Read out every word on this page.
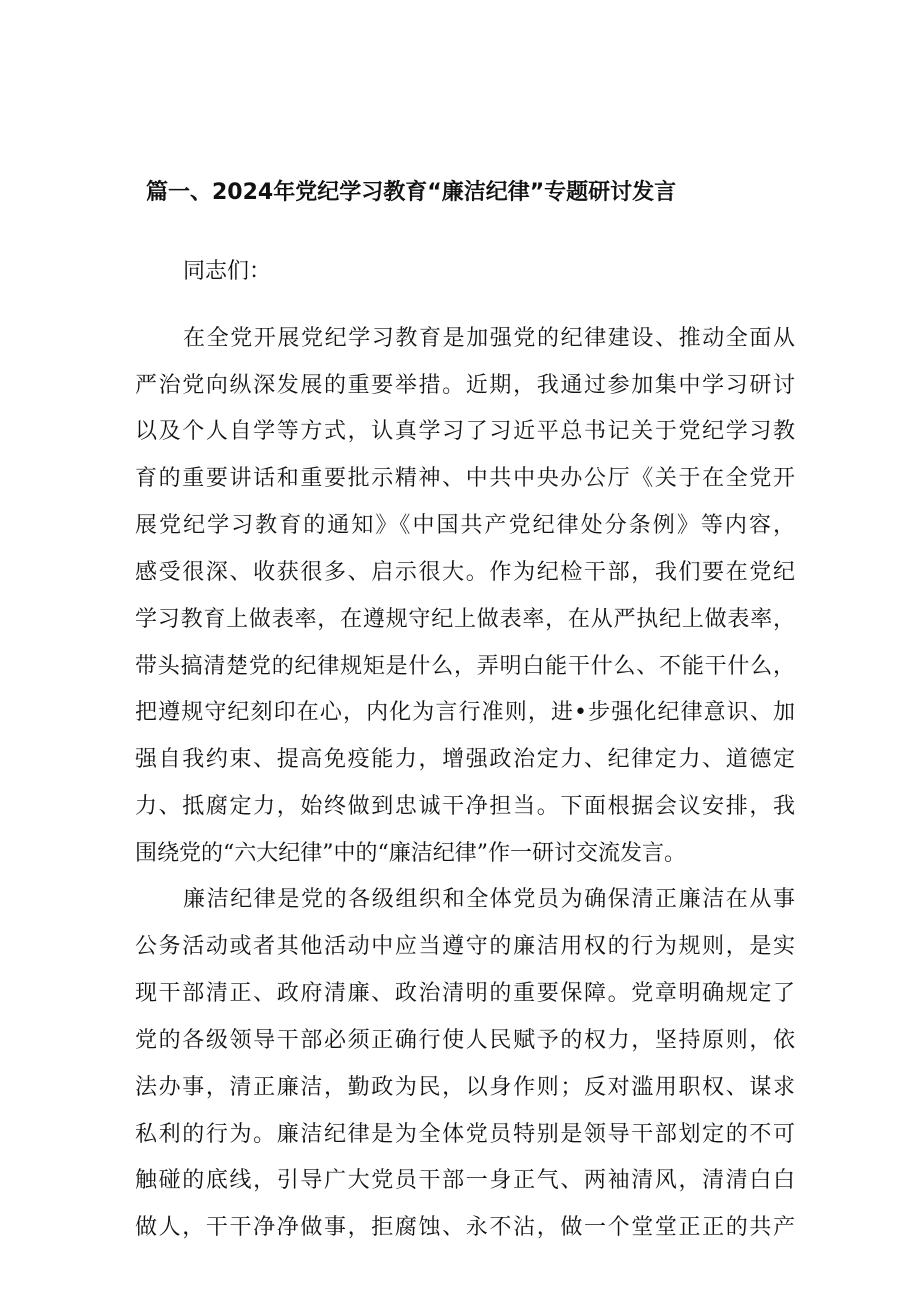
篇一、2024年党纪学习教育“廉洁纪律”专题研讨发言

同志们：

在全党开展党纪学习教育是加强党的纪律建设、推动全面从

严治党向纵深发展的重要举措。近期，我通过参加集中学习研讨

以及个人自学等方式，认真学习了习近平总书记关于党纪学习教

育的重要讲话和重要批示精神、中共中央办公厅《关于在全党开

展党纪学习教育的通知》《中国共产党纪律处分条例》等内容，

感受很深、收获很多、启示很大。作为纪检干部，我们要在党纪

学习教育上做表率，在遵规守纪上做表率，在从严执纪上做表率，

带头搞清楚党的纪律规矩是什么，弄明白能干什么、不能干什么，

把遵规守纪刻印在心，内化为言行准则，进•步强化纪律意识、加

强自我约束、提高免疫能力，增强政治定力、纪律定力、道德定

力、抵腐定力，始终做到忠诚干净担当。下面根据会议安排，我

围绕党的“六大纪律”中的“廉洁纪律”作一研讨交流发言。

廉洁纪律是党的各级组织和全体党员为确保清正廉洁在从事

公务活动或者其他活动中应当遵守的廉洁用权的行为规则，是实

现干部清正、政府清廉、政治清明的重要保障。党章明确规定了

党的各级领导干部必须正确行使人民赋予的权力，坚持原则，依

法办事，清正廉洁，勤政为民，以身作则；反对滥用职权、谋求

私利的行为。廉洁纪律是为全体党员特别是领导干部划定的不可

触碰的底线，引导广大党员干部一身正气、两袖清风，清清白白

做人，干干净净做事，拒腐蚀、永不沾，做一个堂堂正正的共产
